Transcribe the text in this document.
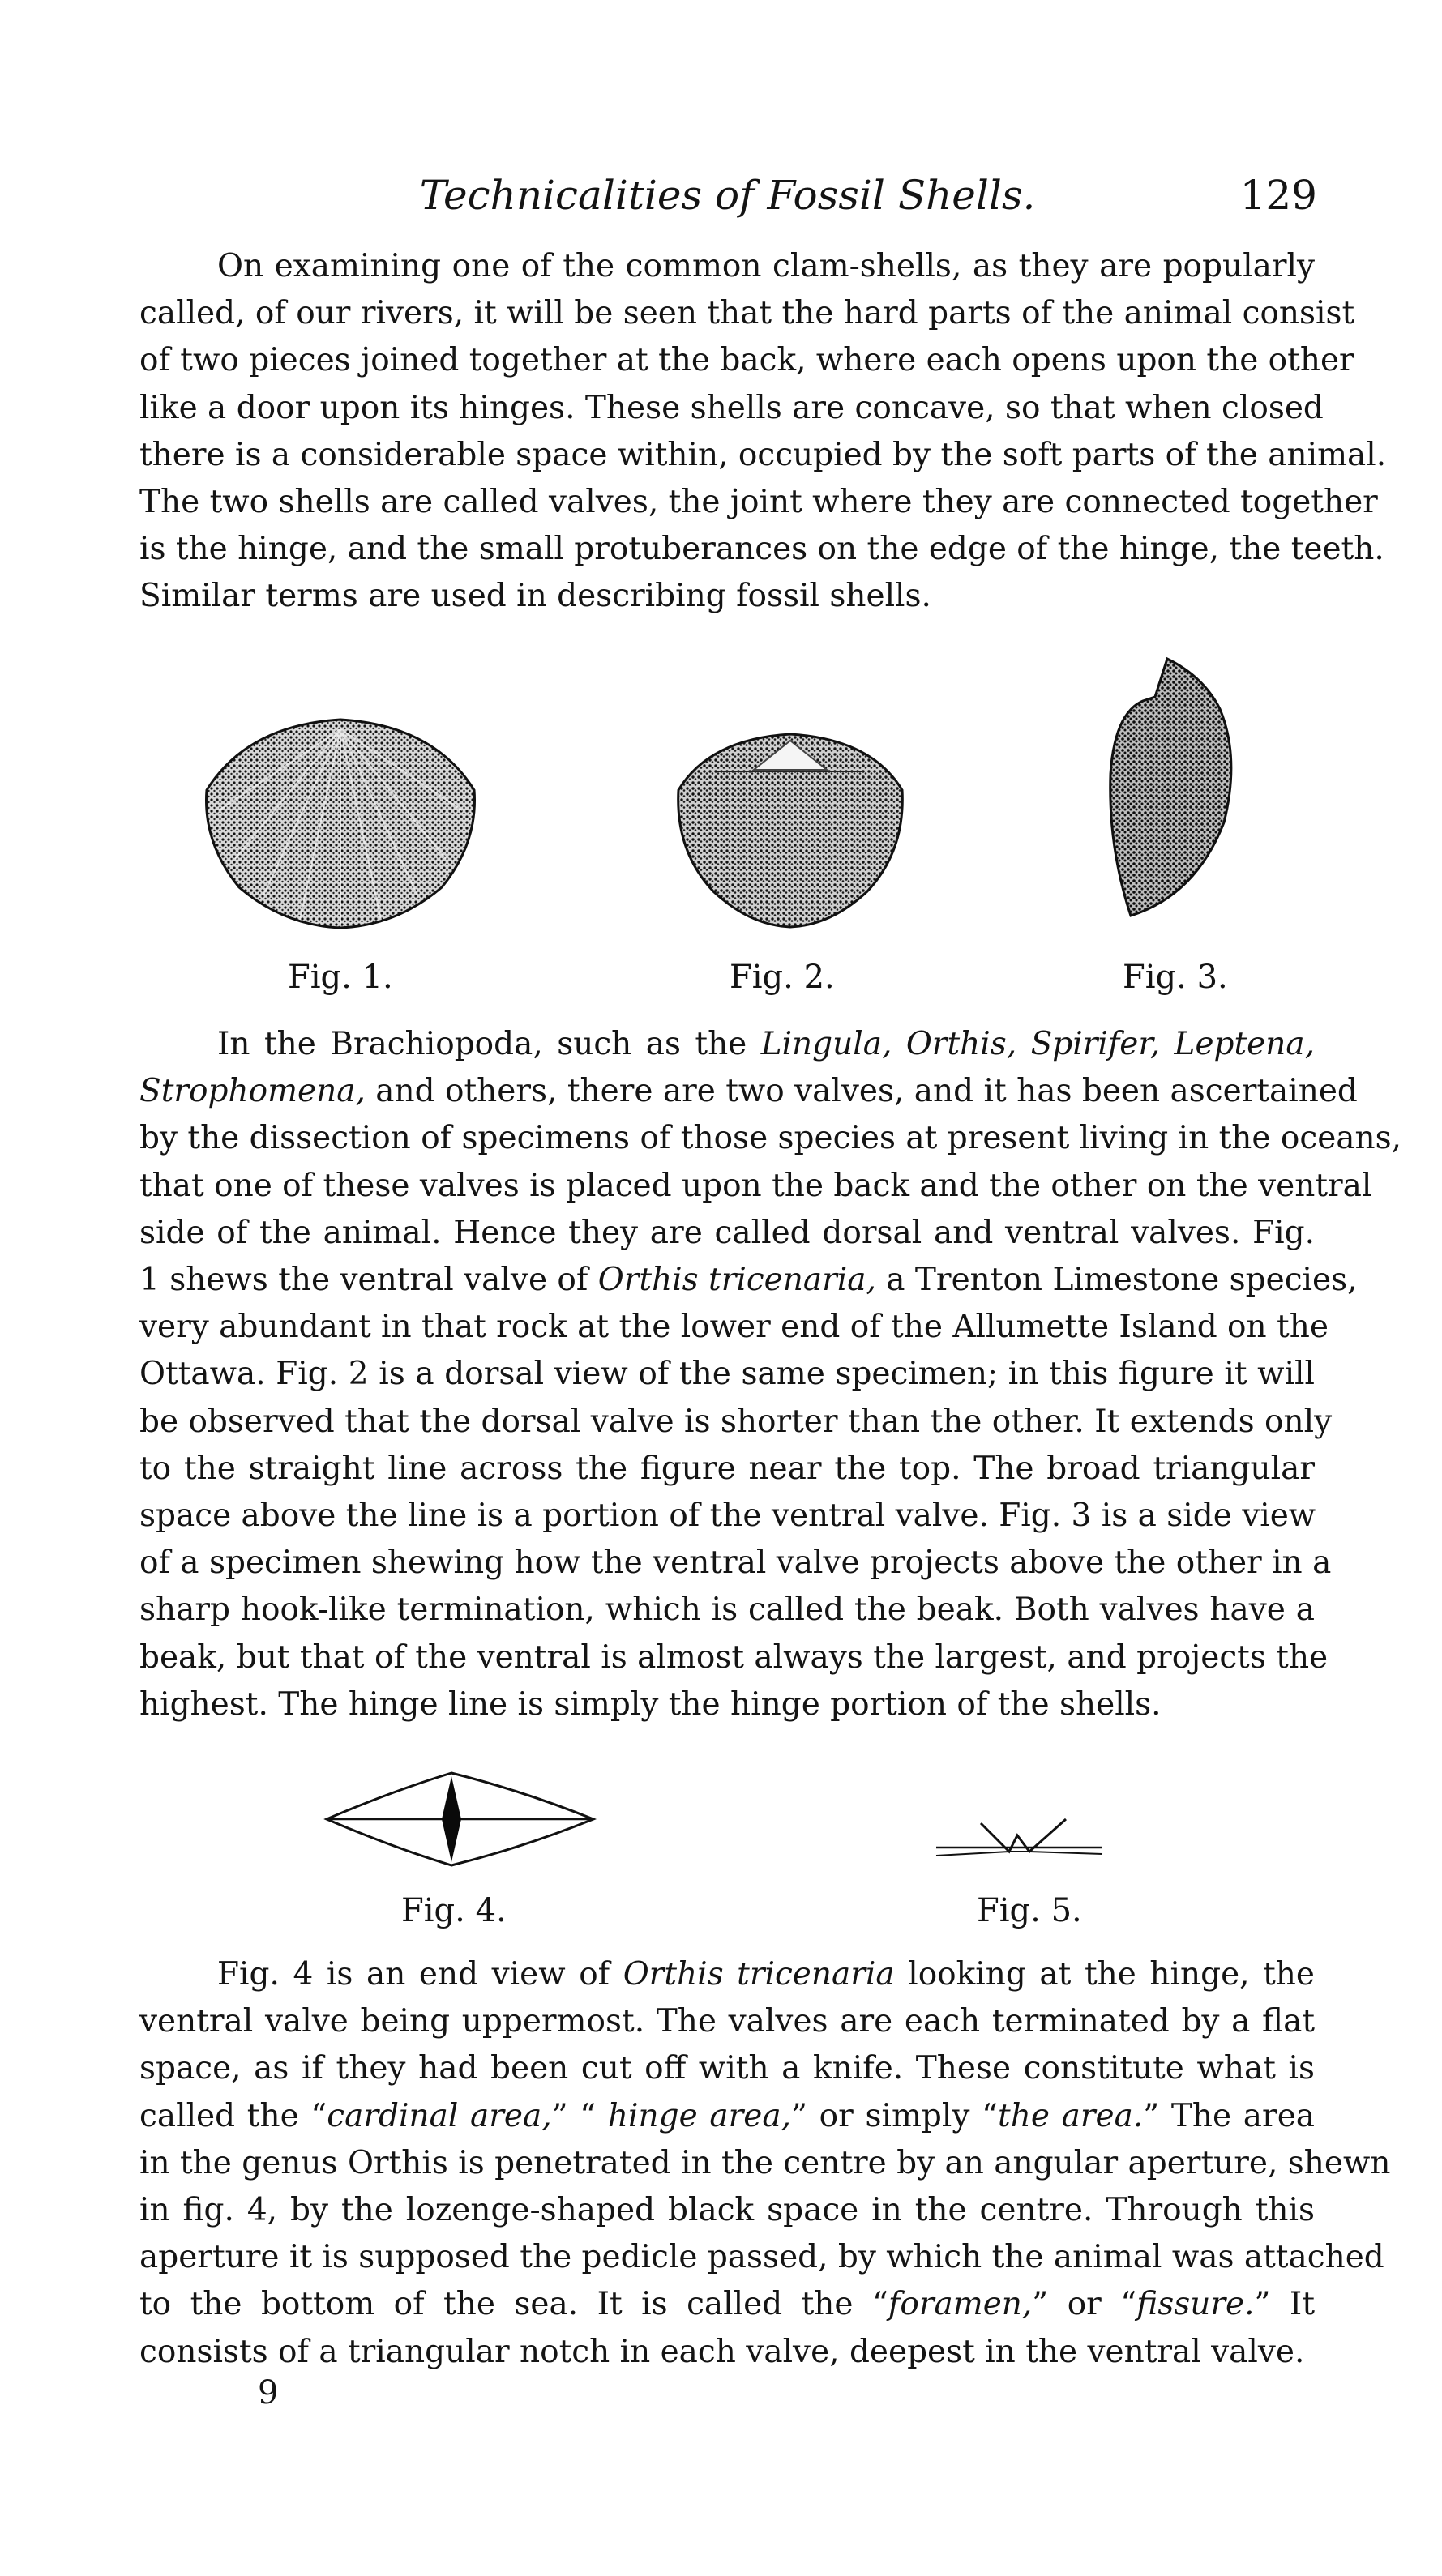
Technicalities of Fossil Shells.	129
On examining one of the common clam-shells, as they are popularly
called, of our rivers, it will be seen that the hard parts of the animal consist
of two pieces joined together at the back, where each opens upon the other
like a door upon its hinges. These shells are concave, so that when closed
there is a considerable space within, occupied by the soft parts of the animal.
The two shells are called valves, the joint where they are connected together
is the hinge, and the small protuberances on the edge of the hinge, the teeth.
Similar terms are used in describing fossil shells.
Fig. 1.	Fig. 2.	Fig. 3.
In the Brachiopoda, such as the Lingula, Orthis, Spirifer, Leptena,
Strophomena, and others, there are two valves, and it has been ascertained
by the dissection of specimens of those species at present living in the oceans,
that one of these valves is placed upon the back and the other on the ventral
side of the animal. Hence they are called dorsal and ventral valves. Fig.
1 shews the ventral valve of Orthis tricenaria, a Trenton Limestone species,
very abundant in that rock at the lower end of the Allumette Island on the
Ottawa. Fig. 2 is a dorsal view of the same specimen; in this figure it will
be observed that the dorsal valve is shorter than the other. It extends only
to the straight line across the figure near the top. The broad triangular
space above the line is a portion of the ventral valve. Fig. 3 is a side view
of a specimen shewing how the ventral valve projects above the other in a
sharp hook-like termination, which is called the beak. Both valves have a
beak, but that of the ventral is almost always the largest, and projects the
highest. The hinge line is simply the hinge portion of the shells.
Fig. 4.	Fig. 5.
Fig. 4 is an end view of Orthis tricenaria looking at the hinge, the
ventral valve being uppermost. The valves are each terminated by a flat
space, as if they had been cut off with a knife. These constitute what is
called the “cardinal area,” “ hinge area,” or simply “the area.” The area
in the genus Orthis is penetrated in the centre by an angular aperture, shewn
in fig. 4, by the lozenge-shaped black space in the centre. Through this
aperture it is supposed the pedicle passed, by which the animal was attached
to the bottom of the sea. It is called the “foramen,” or “fissure.” It
consists of a triangular notch in each valve, deepest in the ventral valve.
9
